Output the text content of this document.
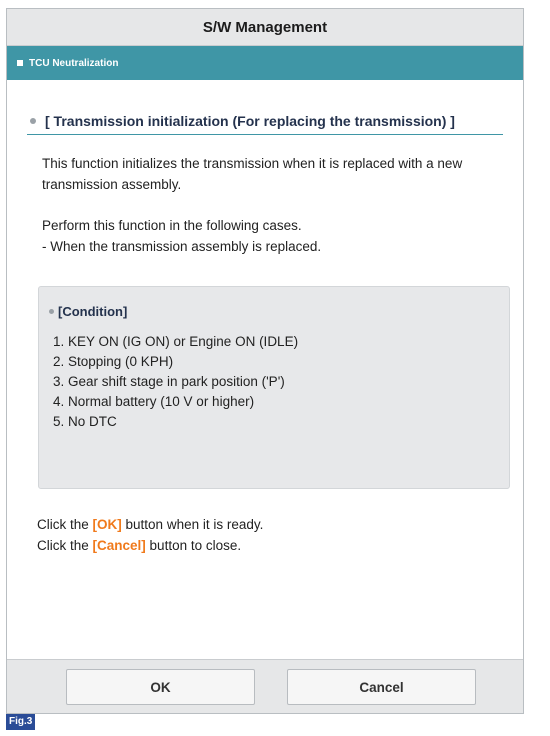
S/W Management
TCU Neutralization
[ Transmission initialization (For replacing the transmission) ]

This function initializes the transmission when it is replaced with a new

transmission assembly.

Perform this function in the following cases.

- When the transmission assembly is replaced.

[Condition]
1. KEY ON (IG ON) or Engine ON (IDLE)
2. Stopping (0 KPH)
3. Gear shift stage in park position ('P')
4. Normal battery (10 V or higher)
5. No DTC

Click the [OK] button when it is ready.

Click the [Cancel] button to close.

OK	Cancel
Fig.3
